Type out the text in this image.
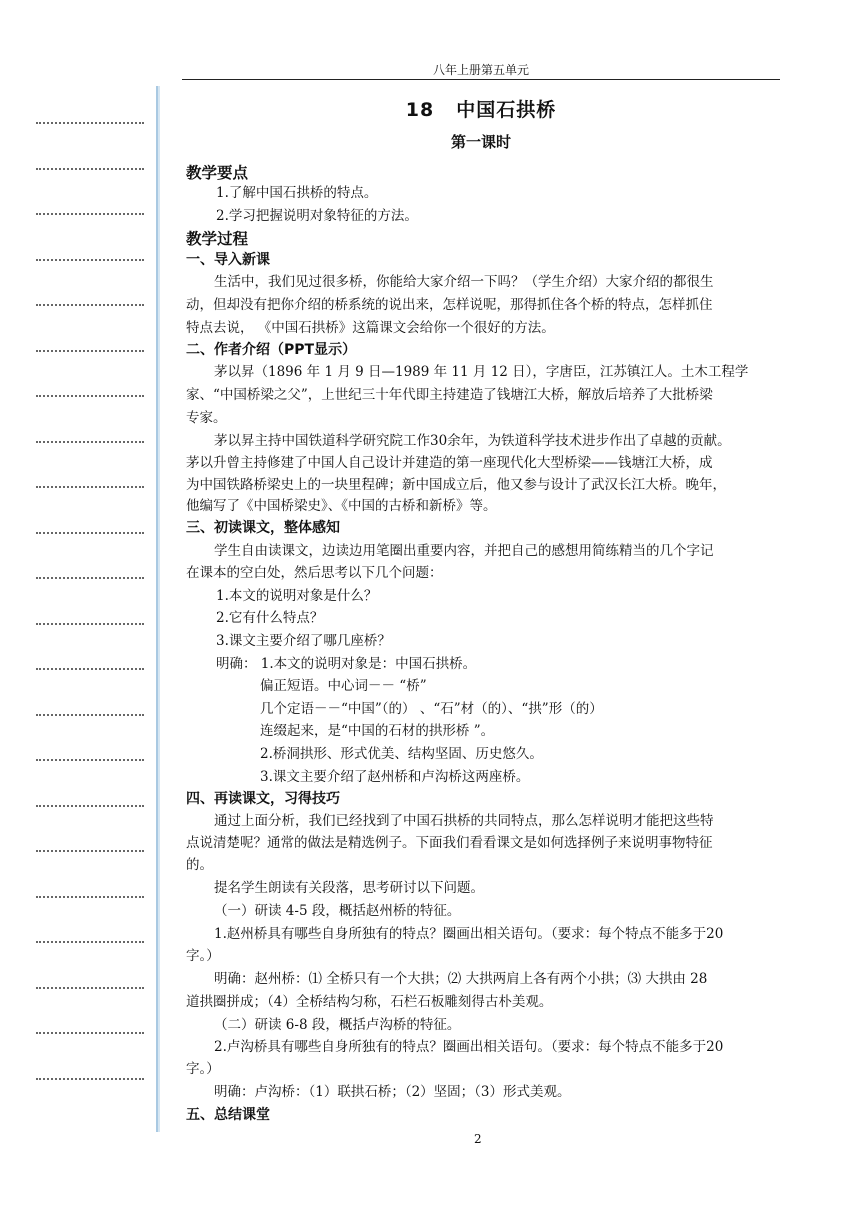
八年上册第五单元
18 中国石拱桥
第一课时
教学要点
1.了解中国石拱桥的特点。
2.学习把握说明对象特征的方法。
教学过程
一、导入新课
生活中，我们见过很多桥，你能给大家介绍一下吗？（学生介绍）大家介绍的都很生
动，但却没有把你介绍的桥系统的说出来，怎样说呢，那得抓住各个桥的特点，怎样抓住
特点去说， 《中国石拱桥》这篇课文会给你一个很好的方法。
二、作者介绍（PPT显示）
茅以昇（1896 年 1 月 9 日—1989 年 11 月 12 日），字唐臣，江苏镇江人。土木工程学
家、“中国桥梁之父”，上世纪三十年代即主持建造了钱塘江大桥，解放后培养了大批桥梁
专家。
茅以昇主持中国铁道科学研究院工作30余年，为铁道科学技术进步作出了卓越的贡献。
茅以升曾主持修建了中国人自己设计并建造的第一座现代化大型桥梁——钱塘江大桥，成
为中国铁路桥梁史上的一块里程碑；新中国成立后，他又参与设计了武汉长江大桥。晚年，
他编写了《中国桥梁史》、《中国的古桥和新桥》等。
三、初读课文，整体感知
学生自由读课文，边读边用笔圈出重要内容，并把自己的感想用简练精当的几个字记
在课本的空白处，然后思考以下几个问题：
1.本文的说明对象是什么？
2.它有什么特点？
3.课文主要介绍了哪几座桥？
明确： 1.本文的说明对象是：中国石拱桥。
偏正短语。中心词－－ “桥”
几个定语－－“中国”（的） 、“石”材（的）、“拱”形（的）
连缀起来，是“中国的石材的拱形桥 ”。
2.桥洞拱形、形式优美、结构坚固、历史悠久。
3.课文主要介绍了赵州桥和卢沟桥这两座桥。
四、再读课文，习得技巧
通过上面分析，我们已经找到了中国石拱桥的共同特点，那么怎样说明才能把这些特
点说清楚呢？通常的做法是精选例子。下面我们看看课文是如何选择例子来说明事物特征
的。
提名学生朗读有关段落，思考研讨以下问题。
（一）研读 4-5 段，概括赵州桥的特征。
1.赵州桥具有哪些自身所独有的特点？圈画出相关语句。（要求：每个特点不能多于20
字。）
明确：赵州桥：⑴ 全桥只有一个大拱；⑵ 大拱两肩上各有两个小拱；⑶ 大拱由 28
道拱圈拼成；（4）全桥结构匀称，石栏石板雕刻得古朴美观。
（二）研读 6-8 段，概括卢沟桥的特征。
2.卢沟桥具有哪些自身所独有的特点？圈画出相关语句。（要求：每个特点不能多于20
字。）
明确：卢沟桥：（1）联拱石桥；（2）坚固；（3）形式美观。
五、总结课堂
2
